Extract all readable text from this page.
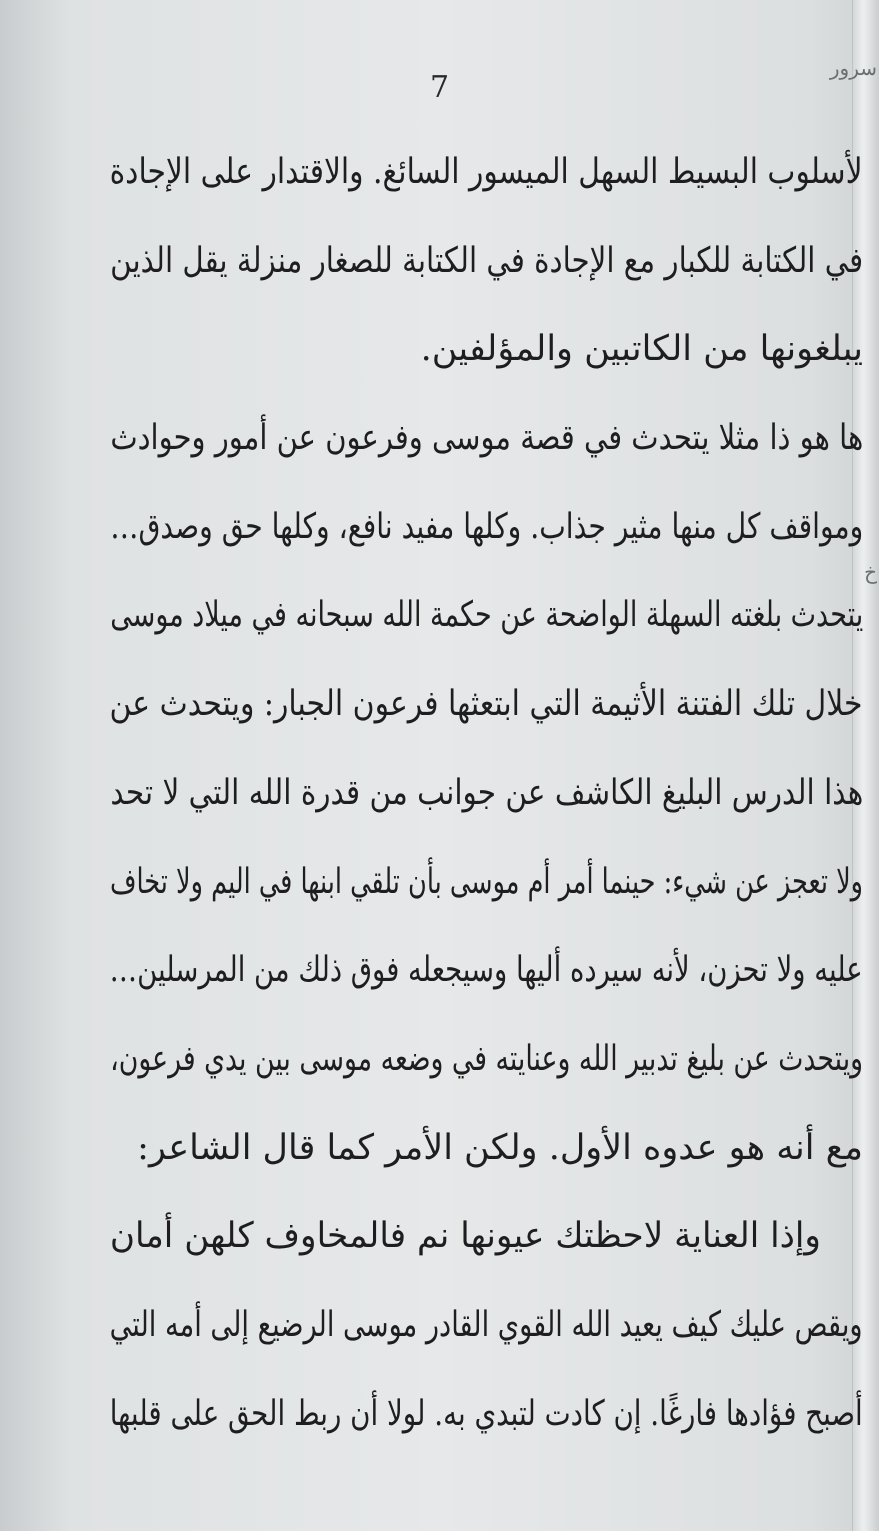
سرور
خ
7
لأسلوب البسيط السهل الميسور السائغ. والاقتدار على الإجادة
في الكتابة للكبار مع الإجادة في الكتابة للصغار منزلة يقل الذين
يبلغونها من الكاتبين والمؤلفين.
ها هو ذا مثلا يتحدث في قصة موسى وفرعون عن أمور وحوادث
ومواقف كل منها مثير جذاب. وكلها مفيد نافع، وكلها حق وصدق…
يتحدث بلغته السهلة الواضحة عن حكمة الله سبحانه في ميلاد موسى
خلال تلك الفتنة الأثيمة التي ابتعثها فرعون الجبار: ويتحدث عن
هذا الدرس البليغ الكاشف عن جوانب من قدرة الله التي لا تحد
ولا تعجز عن شيء: حينما أمر أم موسى بأن تلقي ابنها في اليم ولا تخاف
عليه ولا تحزن، لأنه سيرده أليها وسيجعله فوق ذلك من المرسلين…
ويتحدث عن بليغ تدبير الله وعنايته في وضعه موسى بين يدي فرعون،
مع أنه هو عدوه الأول. ولكن الأمر كما قال الشاعر:
وإذا العناية لاحظتك عيونها نم فالمخاوف كلهن أمان
ويقص عليك كيف يعيد الله القوي القادر موسى الرضيع إلى أمه التي
أصبح فؤادها فارغًا. إن كادت لتبدي به. لولا أن ربط الحق على قلبها
